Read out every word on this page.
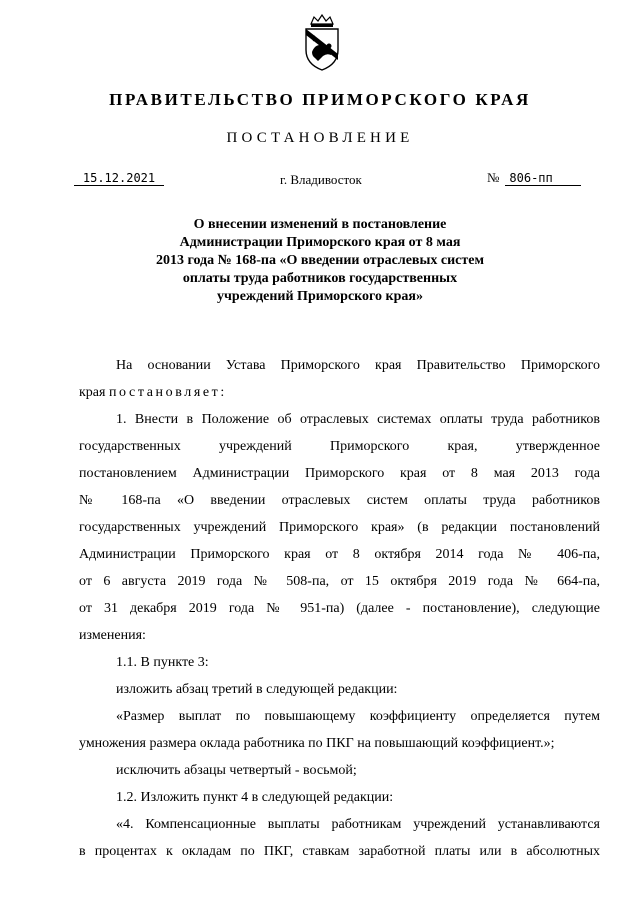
ПРАВИТЕЛЬСТВО ПРИМОРСКОГО КРАЯ
ПОСТАНОВЛЕНИЕ
15.12.2021	г. Владивосток	№ 806-пп
О внесении изменений в постановление
Администрации Приморского края от 8 мая
2013 года № 168-па «О введении отраслевых систем
оплаты труда работников государственных
учреждений Приморского края»
На основании Устава Приморского края Правительство Приморского
края постановляет:
1. Внести в Положение об отраслевых системах оплаты труда работников
государственных учреждений Приморского края, утвержденное
постановлением Администрации Приморского края от 8 мая 2013 года
№ 168-па «О введении отраслевых систем оплаты труда работников
государственных учреждений Приморского края» (в редакции постановлений
Администрации Приморского края от 8 октября 2014 года № 406-па,
от 6 августа 2019 года № 508-па, от 15 октября 2019 года № 664-па,
от 31 декабря 2019 года № 951-па) (далее - постановление), следующие
изменения:
1.1. В пункте 3:
изложить абзац третий в следующей редакции:
«Размер выплат по повышающему коэффициенту определяется путем
умножения размера оклада работника по ПКГ на повышающий коэффициент.»;
исключить абзацы четвертый - восьмой;
1.2. Изложить пункт 4 в следующей редакции:
«4. Компенсационные выплаты работникам учреждений устанавливаются
в процентах к окладам по ПКГ, ставкам заработной платы или в абсолютных
